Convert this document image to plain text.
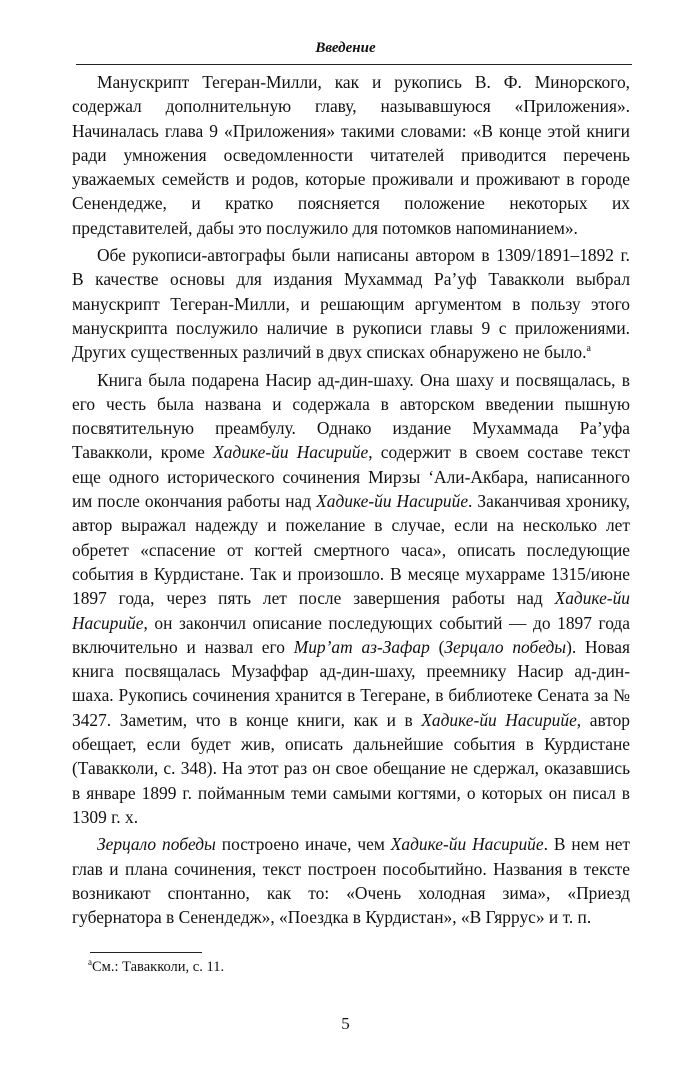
Введение

Манускрипт Тегеран-Милли, как и рукопись В. Ф. Минорского, содержал дополнительную главу, называвшуюся «Приложения». Начиналась глава 9 «Приложения» такими словами: «В конце этой книги ради умножения осведомленности читателей приводится перечень уважаемых семейств и родов, которые проживали и проживают в городе Сенендедже, и кратко поясняется положение некоторых их представителей, дабы это послужило для потомков напоминанием».

Обе рукописи-автографы были написаны автором в 1309/1891–1892 г. В качестве основы для издания Мухаммад Ра’уф Тавакколи выбрал манускрипт Тегеран-Милли, и решающим аргументом в пользу этого манускрипта послужило наличие в рукописи главы 9 с приложениями. Других существенных различий в двух списках обнаружено не было.$^а$

Книга была подарена Насир ад-дин-шаху. Она шаху и посвящалась, в его честь была названа и содержала в авторском введении пышную посвятительную преамбулу. Однако издание Мухаммада Ра’уфа Тавакколи, кроме Хадике-йи Насирийе, содержит в своем составе текст еще одного исторического сочинения Мирзы ‘Али-Акбара, написанного им после окончания работы над Хадике-йи Насирийе. Заканчивая хронику, автор выражал надежду и пожелание в случае, если на несколько лет обретет «спасение от когтей смертного часа», описать последующие события в Курдистане. Так и произошло. В месяце мухарраме 1315/июне 1897 года, через пять лет после завершения работы над Хадике-йи Насирийе, он закончил описание последующих событий — до 1897 года включительно и назвал его Мир’ат аз-Зафар (Зерцало победы). Новая книга посвящалась Музаффар ад-дин-шаху, преемнику Насир ад-дин-шаха. Рукопись сочинения хранится в Тегеране, в библиотеке Сената за № 3427. Заметим, что в конце книги, как и в Хадике-йи Насирийе, автор обещает, если будет жив, описать дальнейшие события в Курдистане (Тавакколи, с. 348). На этот раз он свое обещание не сдержал, оказавшись в январе 1899 г. пойманным теми самыми когтями, о которых он писал в 1309 г. х.

Зерцало победы построено иначе, чем Хадике-йи Насирийе. В нем нет глав и плана сочинения, текст построен пособытийно. Названия в тексте возникают спонтанно, как то: «Очень холодная зима», «Приезд губернатора в Сенендедж», «Поездка в Курдистан», «В Гяррус» и т. п.

$^а$См.: Тавакколи, с. 11.
5
